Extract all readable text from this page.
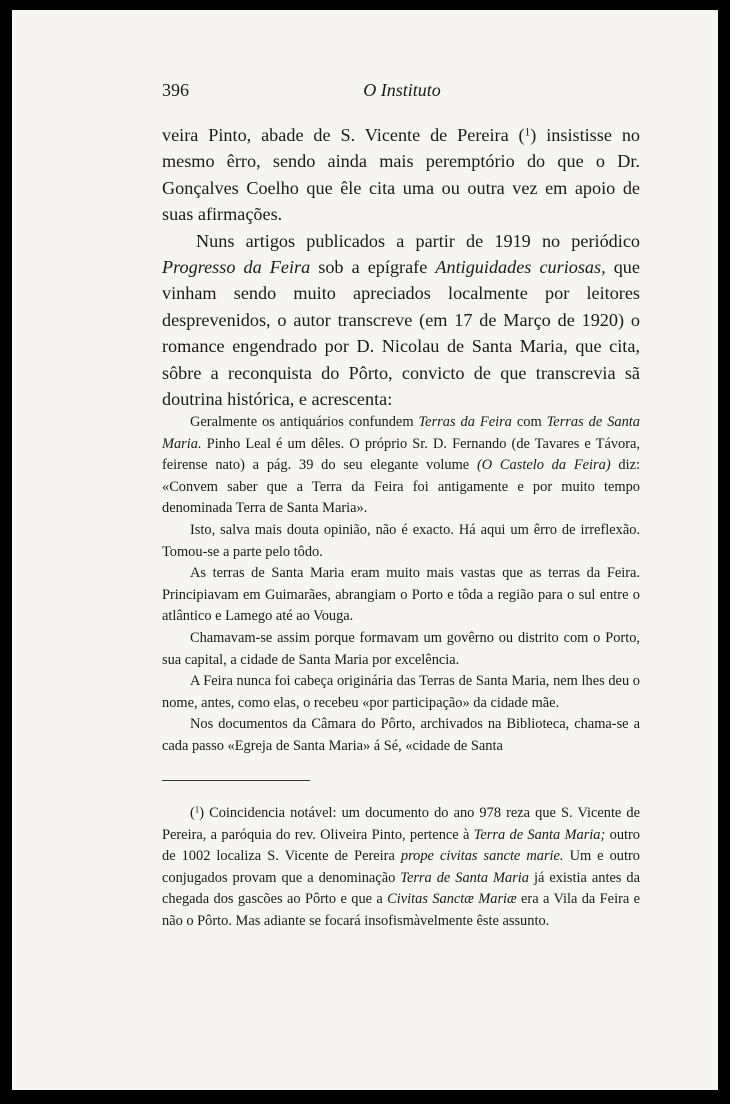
396	O Instituto

veira Pinto, abade de S. Vicente de Pereira ($^1$) insistisse no mesmo êrro, sendo ainda mais peremptório do que o Dr. Gonçalves Coelho que êle cita uma ou outra vez em apoio de suas afirmações.

Nuns artigos publicados a partir de 1919 no periódico Progresso da Feira sob a epígrafe Antiguidades curiosas, que vinham sendo muito apreciados localmente por leitores desprevenidos, o autor transcreve (em 17 de Março de 1920) o romance engendrado por D. Nicolau de Santa Maria, que cita, sôbre a reconquista do Pôrto, convicto de que transcrevia sã doutrina histórica, e acrescenta:

Geralmente os antiquários confundem Terras da Feira com Terras de Santa Maria. Pinho Leal é um dêles. O próprio Sr. D. Fernando (de Tavares e Távora, feirense nato) a pág. 39 do seu elegante volume (O Castelo da Feira) diz: «Convem saber que a Terra da Feira foi antigamente e por muito tempo denominada Terra de Santa Maria».

Isto, salva mais douta opinião, não é exacto. Há aqui um êrro de irreflexão. Tomou-se a parte pelo tôdo.

As terras de Santa Maria eram muito mais vastas que as terras da Feira. Principiavam em Guimarães, abrangiam o Porto e tôda a região para o sul entre o atlântico e Lamego até ao Vouga.

Chamavam-se assim porque formavam um govêrno ou distrito com o Porto, sua capital, a cidade de Santa Maria por excelência.

A Feira nunca foi cabeça originária das Terras de Santa Maria, nem lhes deu o nome, antes, como elas, o recebeu «por participação» da cidade mãe.

Nos documentos da Câmara do Pôrto, archivados na Biblioteca, chama-se a cada passo «Egreja de Santa Maria» á Sé, «cidade de Santa

($^1$) Coincidencia notável: um documento do ano 978 reza que S. Vicente de Pereira, a paróquia do rev. Oliveira Pinto, pertence à Terra de Santa Maria; outro de 1002 localiza S. Vicente de Pereira prope civitas sancte marie. Um e outro conjugados provam que a denominação Terra de Santa Maria já existia antes da chegada dos gascões ao Pôrto e que a Civitas Sanctæ Mariæ era a Vila da Feira e não o Pôrto. Mas adiante se focará insofismàvelmente êste assunto.
